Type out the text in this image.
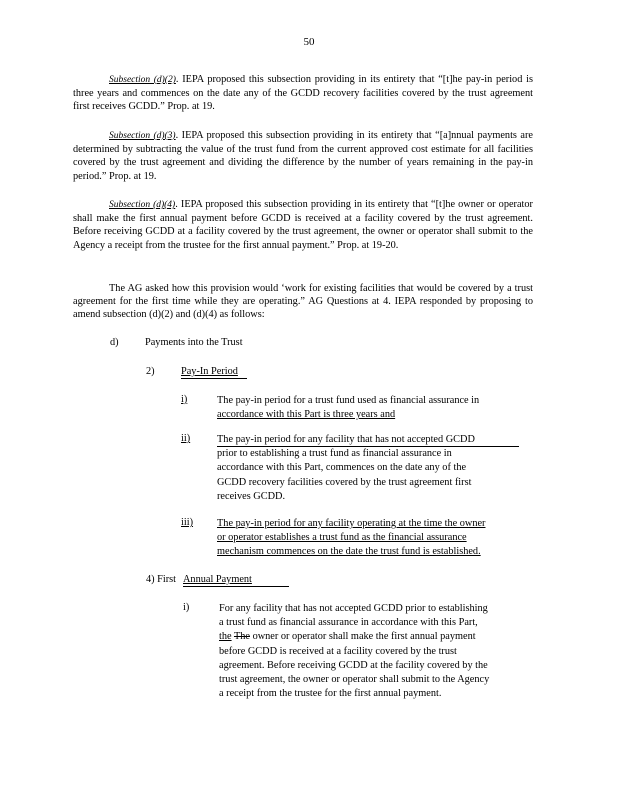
50
Subsection (d)(2). IEPA proposed this subsection providing in its entirety that “[t]he pay-in period is three years and commences on the date any of the GCDD recovery facilities covered by the trust agreement first receives GCDD.” Prop. at 19.
Subsection (d)(3). IEPA proposed this subsection providing in its entirety that “[a]nnual payments are determined by subtracting the value of the trust fund from the current approved cost estimate for all facilities covered by the trust agreement and dividing the difference by the number of years remaining in the pay-in period.” Prop. at 19.
Subsection (d)(4). IEPA proposed this subsection providing in its entirety that “[t]he owner or operator shall make the first annual payment before GCDD is received at a facility covered by the trust agreement. Before receiving GCDD at a facility covered by the trust agreement, the owner or operator shall submit to the Agency a receipt from the trustee for the first annual payment.” Prop. at 19-20.
The AG asked how this provision would ‘work for existing facilities that would be covered by a trust agreement for the first time while they are operating.” AG Questions at 4. IEPA responded by proposing to amend subsection (d)(2) and (d)(4) as follows:
d)	Payments into the Trust
2)	Pay-In Period
i)	The pay-in period for a trust fund used as financial assurance in
accordance with this Part is three years and
ii)	The pay-in period for any facility that has not accepted GCDD
prior to establishing a trust fund as financial assurance in
accordance with this Part, commences on the date any of the
GCDD recovery facilities covered by the trust agreement first
receives GCDD.
iii) The pay-in period for any facility operating at the time the owner
or operator establishes a trust fund as the financial assurance
mechanism commences on the date the trust fund is established.
4) First Annual Payment
i)	For any facility that has not accepted GCDD prior to establishing
a trust fund as financial assurance in accordance with this Part,
the The owner or operator shall make the first annual payment
before GCDD is received at a facility covered by the trust
agreement. Before receiving GCDD at the facility covered by the
trust agreement, the owner or operator shall submit to the Agency
a receipt from the trustee for the first annual payment.
